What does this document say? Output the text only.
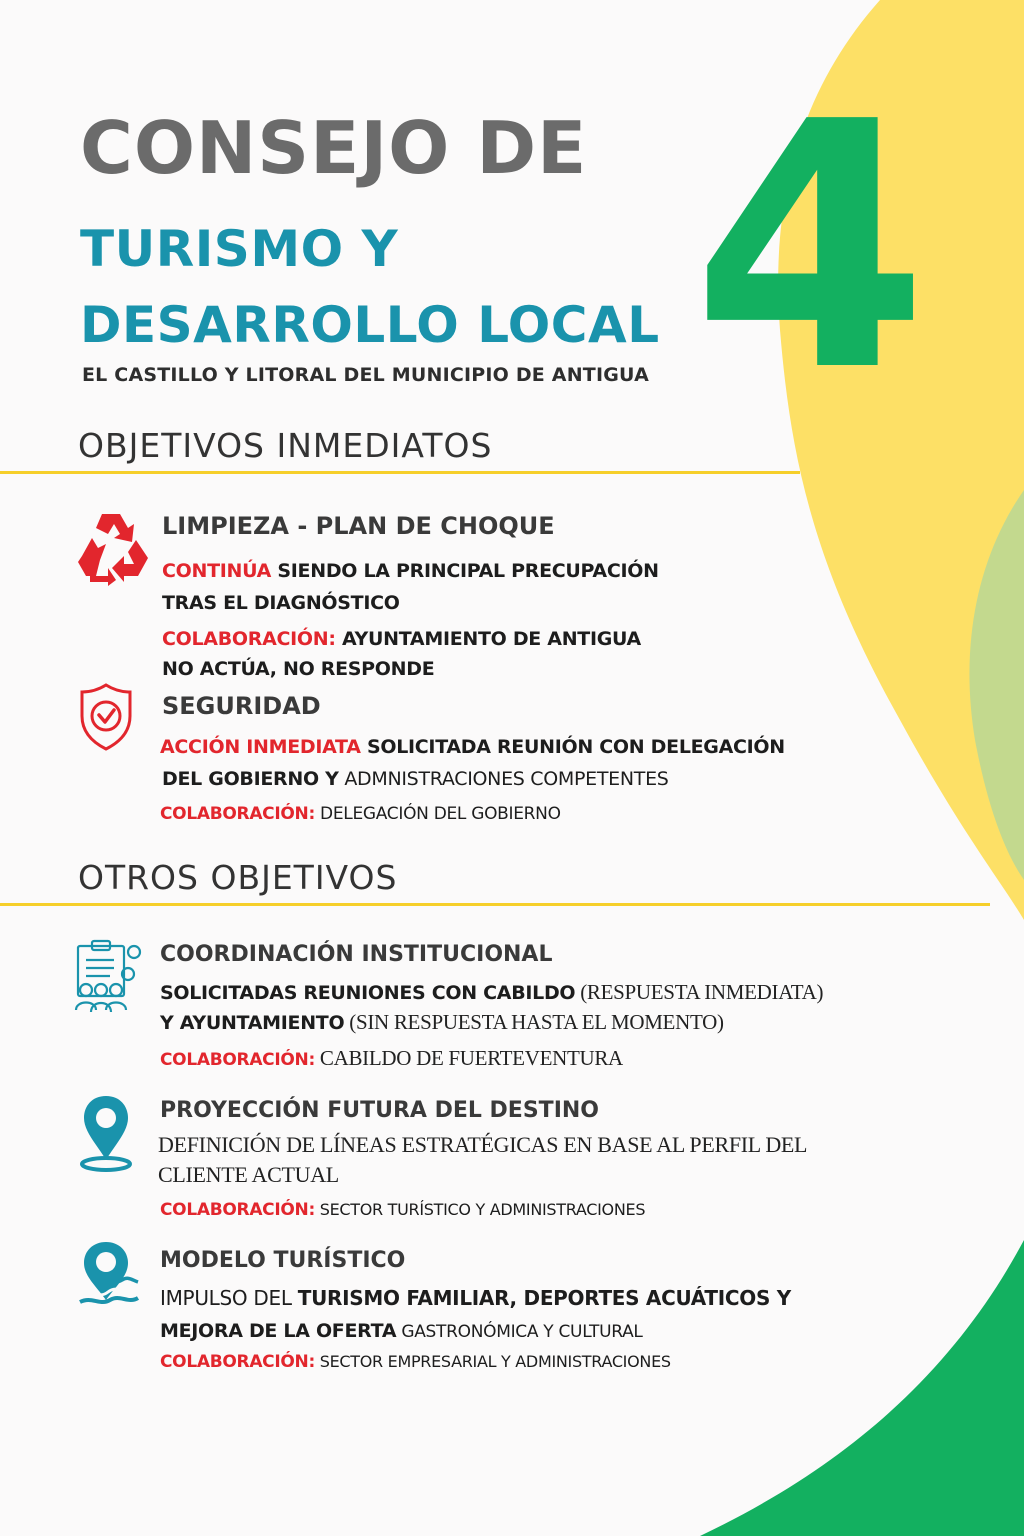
CONSEJO DE
TURISMO Y
DESARROLLO LOCAL
EL CASTILLO Y LITORAL DEL MUNICIPIO DE ANTIGUA 4
OBJETIVOS INMEDIATOS
LIMPIEZA - PLAN DE CHOQUE
CONTINÚA SIENDO LA PRINCIPAL PRECUPACIÓN
TRAS EL DIAGNÓSTICO
COLABORACIÓN: AYUNTAMIENTO DE ANTIGUA
NO ACTÚA, NO RESPONDE
SEGURIDAD
ACCIÓN INMEDIATA SOLICITADA REUNIÓN CON DELEGACIÓN
DEL GOBIERNO Y ADMNISTRACIONES COMPETENTES
COLABORACIÓN: DELEGACIÓN DEL GOBIERNO
OTROS OBJETIVOS
COORDINACIÓN INSTITUCIONAL
SOLICITADAS REUNIONES CON CABILDO (RESPUESTA INMEDIATA)
Y AYUNTAMIENTO (SIN RESPUESTA HASTA EL MOMENTO)
COLABORACIÓN: CABILDO DE FUERTEVENTURA
PROYECCIÓN FUTURA DEL DESTINO
DEFINICIÓN DE LÍNEAS ESTRATÉGICAS EN BASE AL PERFIL DEL
CLIENTE ACTUAL
COLABORACIÓN: SECTOR TURÍSTICO Y ADMINISTRACIONES
MODELO TURÍSTICO
IMPULSO DEL TURISMO FAMILIAR, DEPORTES ACUÁTICOS Y
MEJORA DE LA OFERTA GASTRONÓMICA Y CULTURAL
COLABORACIÓN: SECTOR EMPRESARIAL Y ADMINISTRACIONES
